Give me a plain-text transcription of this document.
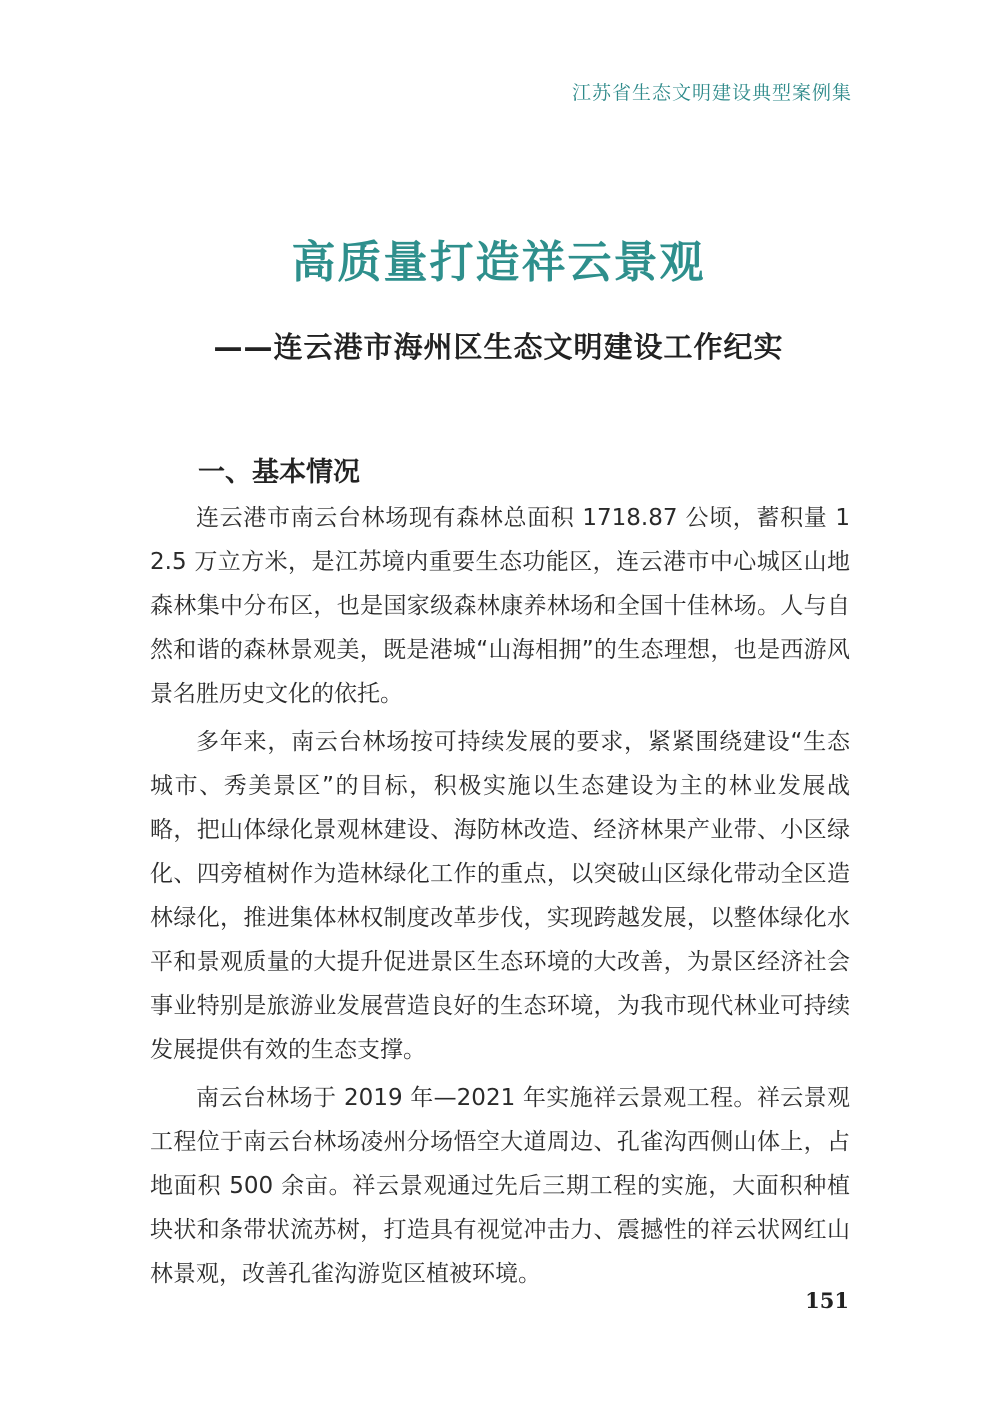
江苏省生态文明建设典型案例集
高质量打造祥云景观
——连云港市海州区生态文明建设工作纪实
一、基本情况

连云港市南云台林场现有森林总面积 1718.87 公顷，蓄积量 12.5 万立方米，是江苏境内重要生态功能区，连云港市中心城区山地森林集中分布区，也是国家级森林康养林场和全国十佳林场。人与自然和谐的森林景观美，既是港城“山海相拥”的生态理想，也是西游风景名胜历史文化的依托。

多年来，南云台林场按可持续发展的要求，紧紧围绕建设“生态城市、秀美景区”的目标，积极实施以生态建设为主的林业发展战略，把山体绿化景观林建设、海防林改造、经济林果产业带、小区绿化、四旁植树作为造林绿化工作的重点，以突破山区绿化带动全区造林绿化，推进集体林权制度改革步伐，实现跨越发展，以整体绿化水平和景观质量的大提升促进景区生态环境的大改善，为景区经济社会事业特别是旅游业发展营造良好的生态环境，为我市现代林业可持续发展提供有效的生态支撑。

南云台林场于 2019 年—2021 年实施祥云景观工程。祥云景观工程位于南云台林场凌州分场悟空大道周边、孔雀沟西侧山体上，占地面积 500 余亩。祥云景观通过先后三期工程的实施，大面积种植块状和条带状流苏树，打造具有视觉冲击力、震撼性的祥云状网红山林景观，改善孔雀沟游览区植被环境。

151
